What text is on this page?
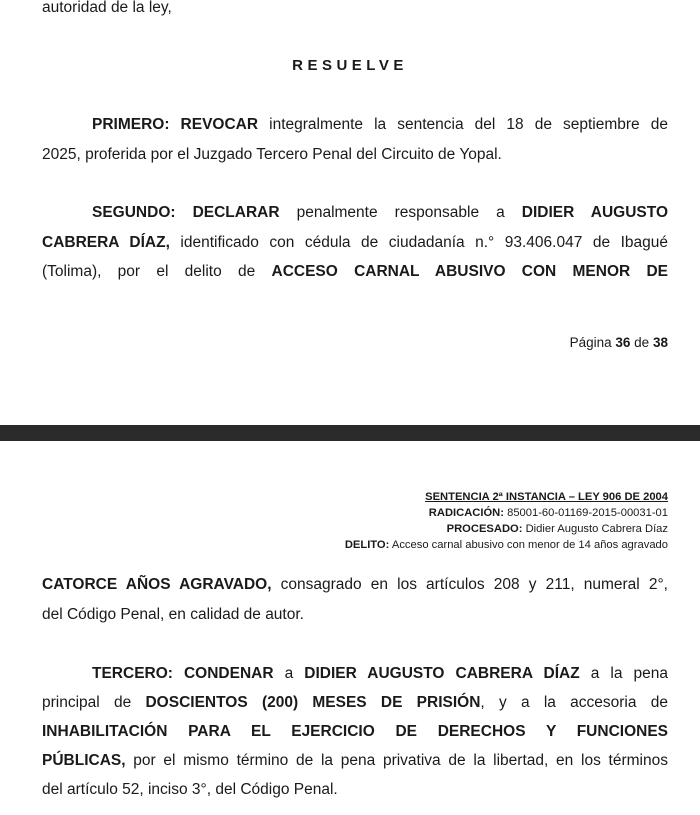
autoridad de la ley,
RESUELVE
PRIMERO: REVOCAR integralmente la sentencia del 18 de septiembre de
2025, proferida por el Juzgado Tercero Penal del Circuito de Yopal.
SEGUNDO: DECLARAR penalmente responsable a DIDIER AUGUSTO
CABRERA DÍAZ, identificado con cédula de ciudadanía n.° 93.406.047 de Ibagué
(Tolima), por el delito de ACCESO CARNAL ABUSIVO CON MENOR DE
Página 36 de 38
SENTENCIA 2ª INSTANCIA – LEY 906 DE 2004
RADICACIÓN: 85001-60-01169-2015-00031-01
PROCESADO: Didier Augusto Cabrera Díaz
DELITO: Acceso carnal abusivo con menor de 14 años agravado
CATORCE AÑOS AGRAVADO, consagrado en los artículos 208 y 211, numeral 2°,
del Código Penal, en calidad de autor.
TERCERO: CONDENAR a DIDIER AUGUSTO CABRERA DÍAZ a la pena
principal de DOSCIENTOS (200) MESES DE PRISIÓN, y a la accesoria de
INHABILITACIÓN PARA EL EJERCICIO DE DERECHOS Y FUNCIONES
PÚBLICAS, por el mismo término de la pena privativa de la libertad, en los términos
del artículo 52, inciso 3°, del Código Penal.
